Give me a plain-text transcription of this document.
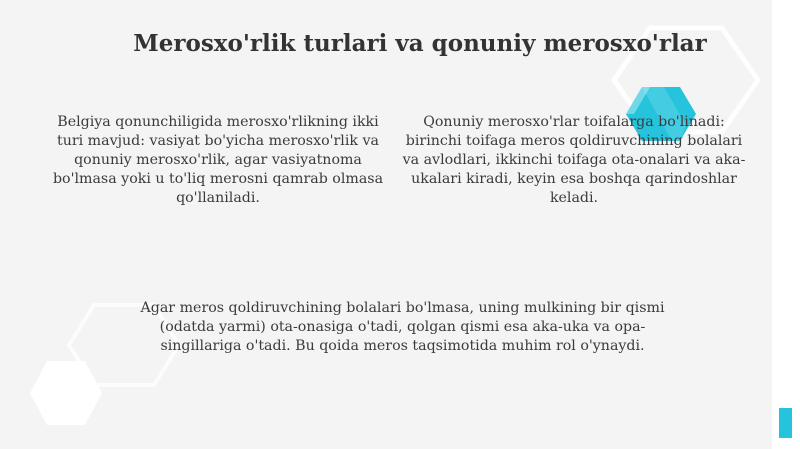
Merosxo'rlik turlari va qonuniy merosxo'rlar
Belgiya qonunchiligida merosxo'rlikning ikki turi mavjud: vasiyat bo'yicha merosxo'rlik va qonuniy merosxo'rlik, agar vasiyatnoma bo'lmasa yoki u to'liq merosni qamrab olmasa qo'llaniladi.
Qonuniy merosxo'rlar toifalarga bo'linadi: birinchi toifaga meros qoldiruvchining bolalari va avlodlari, ikkinchi toifaga ota-onalari va aka-ukalari kiradi, keyin esa boshqa qarindoshlar keladi.
Agar meros qoldiruvchining bolalari bo'lmasa, uning mulkining bir qismi (odatda yarmi) ota-onasiga o'tadi, qolgan qismi esa aka-uka va opa-singillariga o'tadi. Bu qoida meros taqsimotida muhim rol o'ynaydi.
